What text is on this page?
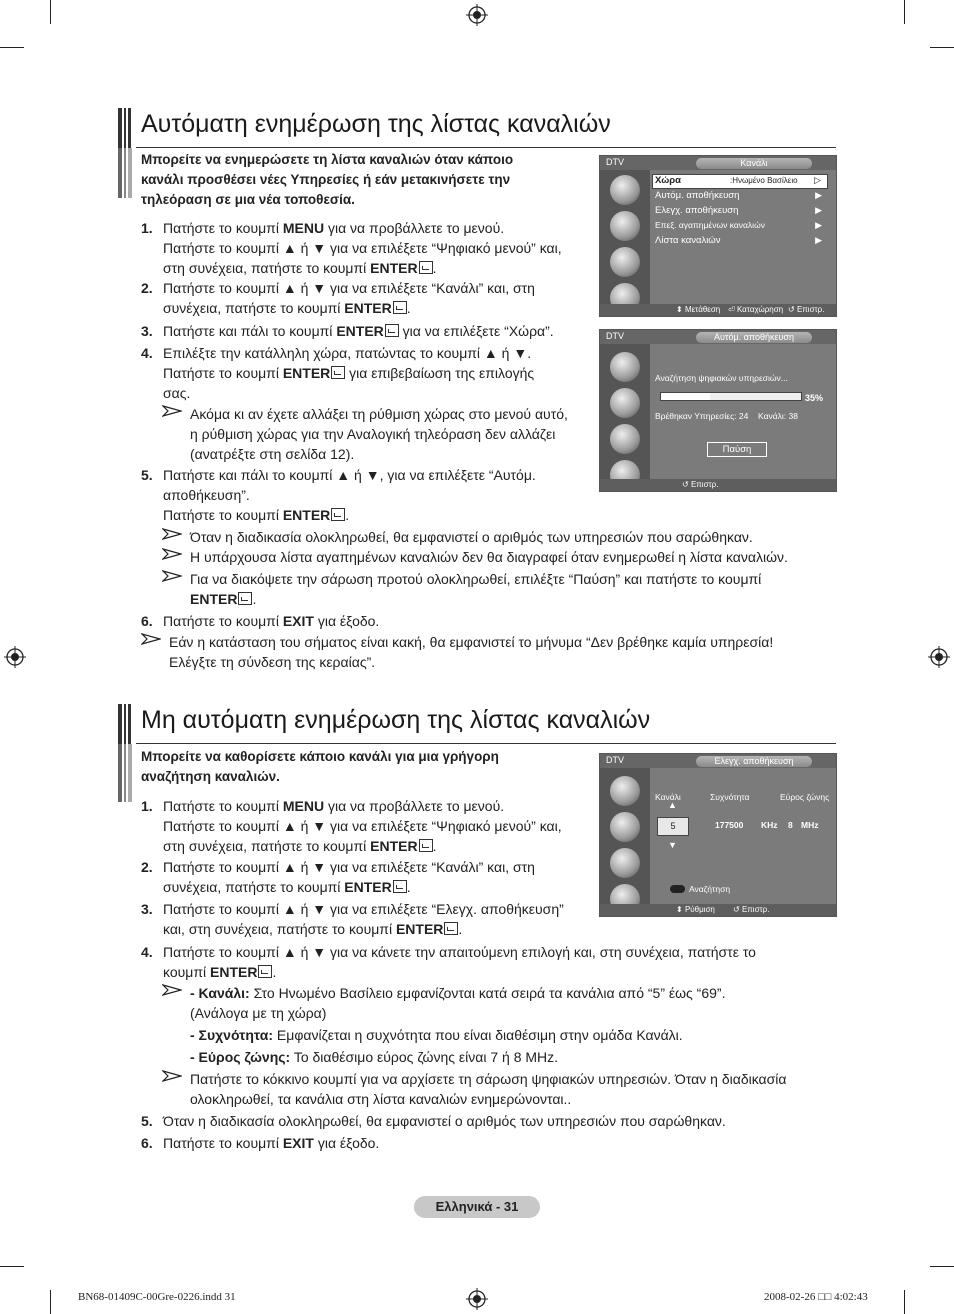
Αυτόματη ενημέρωση της λίστας καναλιών
Μπορείτε να ενημερώσετε τη λίστα καναλιών όταν κάποιο
κανάλι προσθέσει νέες Υπηρεσίες ή εάν μετακινήσετε την
τηλεόραση σε μια νέα τοποθεσία.
1. Πατήστε το κουμπί MENU για να προβάλλετε το μενού.
Πατήστε το κουμπί ▲ ή ▼ για να επιλέξετε “Ψηφιακό μενού” και,
στη συνέχεια, πατήστε το κουμπί ENTER .
2. Πατήστε το κουμπί ▲ ή ▼ για να επιλέξετε “Κανάλι” και, στη
συνέχεια, πατήστε το κουμπί ENTER .
3. Πατήστε και πάλι το κουμπί ENTER για να επιλέξετε “Χώρα”.
4. Επιλέξτε την κατάλληλη χώρα, πατώντας το κουμπί ▲ ή ▼.
Πατήστε το κουμπί ENTER για επιβεβαίωση της επιλογής
σας.
5. Πατήστε και πάλι το κουμπί ▲ ή ▼, για να επιλέξετε “Αυτόμ.
αποθήκευση”.
Πατήστε το κουμπί ENTER .
6. Πατήστε το κουμπί EXIT για έξοδο.
Ακόμα κι αν έχετε αλλάξει τη ρύθμιση χώρας στο μενού αυτό,
η ρύθμιση χώρας για την Αναλογική τηλεόραση δεν αλλάζει
(ανατρέξτε στη σελίδα 12).
Όταν η διαδικασία ολοκληρωθεί, θα εμφανιστεί ο αριθμός των υπηρεσιών που σαρώθηκαν.
Η υπάρχουσα λίστα αγαπημένων καναλιών δεν θα διαγραφεί όταν ενημερωθεί η λίστα καναλιών.
Για να διακόψετε την σάρωση προτού ολοκληρωθεί, επιλέξτε “Παύση” και πατήστε το κουμπί
ENTER .
Εάν η κατάσταση του σήματος είναι κακή, θα εμφανιστεί το μήνυμα “Δεν βρέθηκε καμία υπηρεσία!
Ελέγξτε τη σύνδεση της κεραίας”.
DTV	Κανάλι
Χώρα	:Ηνωμένο Βασίλειο ▷
Αυτόμ. αποθήκευση
Ελεγχ. αποθήκευση
Επεξ. αγαπημένων καναλιών
Λίστα καναλιών
▶
▶
▶
▶
⬍ Μετάθεση ⏎ Καταχώρηση ↺ Επιστρ.
DTV	Αυτόμ. αποθήκευση
Αναζήτηση ψηφιακών υπηρεσιών...
35%
Βρέθηκαν Υπηρεσίες: 24 Κανάλι: 38
Παύση
↺ Επιστρ.
Μη αυτόματη ενημέρωση της λίστας καναλιών
Μπορείτε να καθορίσετε κάποιο κανάλι για μια γρήγορη
αναζήτηση καναλιών.
1. Πατήστε το κουμπί MENU για να προβάλλετε το μενού.
Πατήστε το κουμπί ▲ ή ▼ για να επιλέξετε “Ψηφιακό μενού” και,
στη συνέχεια, πατήστε το κουμπί ENTER .
2. Πατήστε το κουμπί ▲ ή ▼ για να επιλέξετε “Κανάλι” και, στη
συνέχεια, πατήστε το κουμπί ENTER .
3. Πατήστε το κουμπί ▲ ή ▼ για να επιλέξετε “Ελεγχ. αποθήκευση”
και, στη συνέχεια, πατήστε το κουμπί ENTER .
4. Πατήστε το κουμπί ▲ ή ▼ για να κάνετε την απαιτούμενη επιλογή και, στη συνέχεια, πατήστε το
κουμπί ENTER .
5. Όταν η διαδικασία ολοκληρωθεί, θα εμφανιστεί ο αριθμός των υπηρεσιών που σαρώθηκαν.
6. Πατήστε το κουμπί EXIT για έξοδο.
- Κανάλι: Στο Ηνωμένο Βασίλειο εμφανίζονται κατά σειρά τα κανάλια από “5” έως “69”.
(Ανάλογα με τη χώρα)
- Συχνότητα: Εμφανίζεται η συχνότητα που είναι διαθέσιμη στην ομάδα Κανάλι.
- Εύρος ζώνης: Το διαθέσιμο εύρος ζώνης είναι 7 ή 8 MHz.
Πατήστε το κόκκινο κουμπί για να αρχίσετε τη σάρωση ψηφιακών υπηρεσιών. Όταν η διαδικασία
ολοκληρωθεί, τα κανάλια στη λίστα καναλιών ενημερώνονται..
DTV	Ελεγχ. αποθήκευση
Κανάλι	Συχνότητα	Εύρος ζώνης
▲
5
▼
177500 KHz 8 MHz
Αναζήτηση
⬍ Ρύθμιση ↺ Επιστρ.
Ελληνικά - 31
BN68-01409C-00Gre-0226.indd 31	2008-02-26 □□ 4:02:43
